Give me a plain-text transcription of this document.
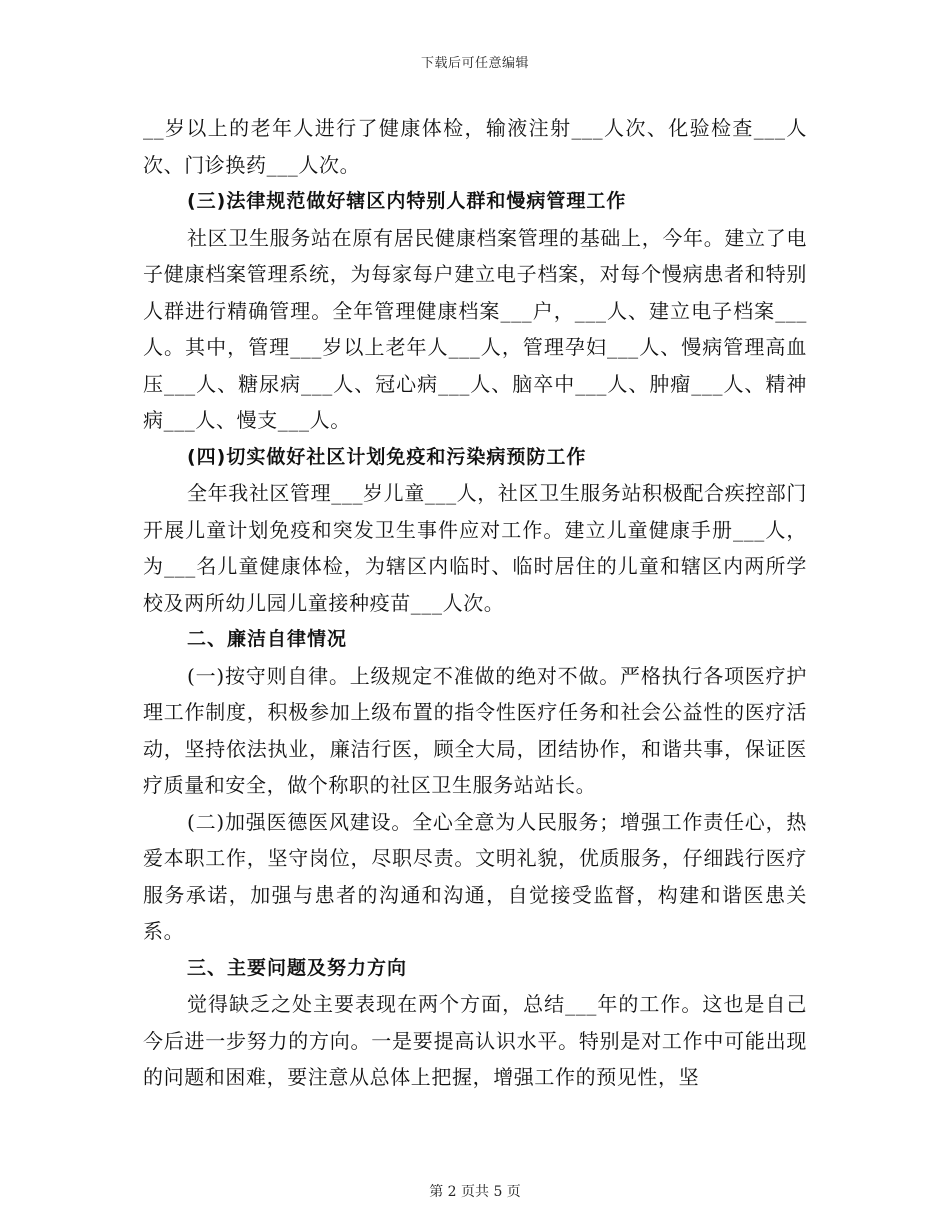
下载后可任意编辑

__岁以上的老年人进行了健康体检，输液注射___人次、化验检查___人次、门诊换药___人次。

(三)法律规范做好辖区内特别人群和慢病管理工作

社区卫生服务站在原有居民健康档案管理的基础上，今年。建立了电子健康档案管理系统，为每家每户建立电子档案，对每个慢病患者和特别人群进行精确管理。全年管理健康档案___户，___人、建立电子档案___人。其中，管理___岁以上老年人___人，管理孕妇___人、慢病管理高血压___人、糖尿病___人、冠心病___人、脑卒中___人、肿瘤___人、精神病___人、慢支___人。

(四)切实做好社区计划免疫和污染病预防工作

全年我社区管理___岁儿童___人，社区卫生服务站积极配合疾控部门开展儿童计划免疫和突发卫生事件应对工作。建立儿童健康手册___人，为___名儿童健康体检，为辖区内临时、临时居住的儿童和辖区内两所学校及两所幼儿园儿童接种疫苗___人次。

二、廉洁自律情况

(一)按守则自律。上级规定不准做的绝对不做。严格执行各项医疗护理工作制度，积极参加上级布置的指令性医疗任务和社会公益性的医疗活动，坚持依法执业，廉洁行医，顾全大局，团结协作，和谐共事，保证医疗质量和安全，做个称职的社区卫生服务站站长。

(二)加强医德医风建设。全心全意为人民服务；增强工作责任心，热爱本职工作，坚守岗位，尽职尽责。文明礼貌，优质服务，仔细践行医疗服务承诺，加强与患者的沟通和沟通，自觉接受监督，构建和谐医患关系。

三、主要问题及努力方向

觉得缺乏之处主要表现在两个方面，总结___年的工作。这也是自己今后进一步努力的方向。一是要提高认识水平。特别是对工作中可能出现的问题和困难，要注意从总体上把握，增强工作的预见性，坚

第 2 页共 5 页
